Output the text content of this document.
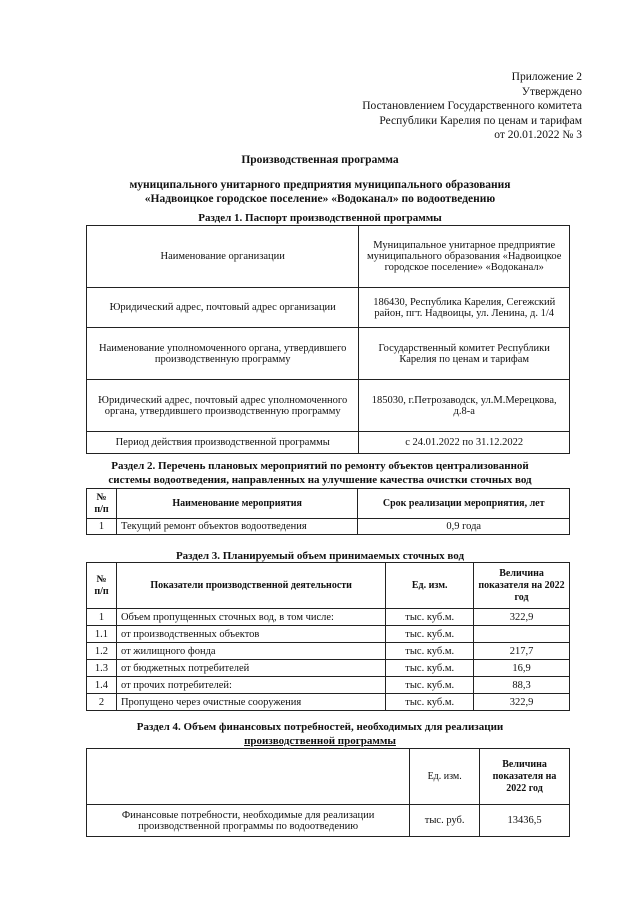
Приложение 2
Утверждено
Постановлением Государственного комитета
Республики Карелия по ценам и тарифам
от 20.01.2022 № 3
Производственная программа
муниципального унитарного предприятия муниципального образования
«Надвоицкое городское поселение» «Водоканал» по водоотведению
Раздел 1. Паспорт производственной программы
Наименование организации	Муниципальное унитарное предприятие муниципального образования «Надвоицкое городское поселение» «Водоканал»
Юридический адрес, почтовый адрес организации	186430, Республика Карелия, Сегежский район, пгт. Надвоицы, ул. Ленина, д. 1/4
Наименование уполномоченного органа, утвердившего производственную программу	Государственный комитет Республики Карелия по ценам и тарифам
Юридический адрес, почтовый адрес уполномоченного органа, утвердившего производственную программу	185030, г.Петрозаводск, ул.М.Мерецкова, д.8-а
Период действия производственной программы	с 24.01.2022 по 31.12.2022
Раздел 2. Перечень плановых мероприятий по ремонту объектов централизованной
системы водоотведения, направленных на улучшение качества очистки сточных вод
№ п/п	Наименование мероприятия	Срок реализации мероприятия, лет
1	Текущий ремонт объектов водоотведения	0,9 года
Раздел 3. Планируемый объем принимаемых сточных вод
№ п/п	Показатели производственной деятельности	Ед. изм.	Величина показателя на 2022 год
1	Объем пропущенных сточных вод, в том числе:	тыс. куб.м.	322,9
1.1	от производственных объектов	тыс. куб.м.	
1.2	от жилищного фонда	тыс. куб.м.	217,7
1.3	от бюджетных потребителей	тыс. куб.м.	16,9
1.4	от прочих потребителей:	тыс. куб.м.	88,3
2	Пропущено через очистные сооружения	тыс. куб.м.	322,9
Раздел 4. Объем финансовых потребностей, необходимых для реализации
производственной программы
	Ед. изм.	Величина показателя на 2022 год
Финансовые потребности, необходимые для реализации производственной программы по водоотведению	тыс. руб.	13436,5
